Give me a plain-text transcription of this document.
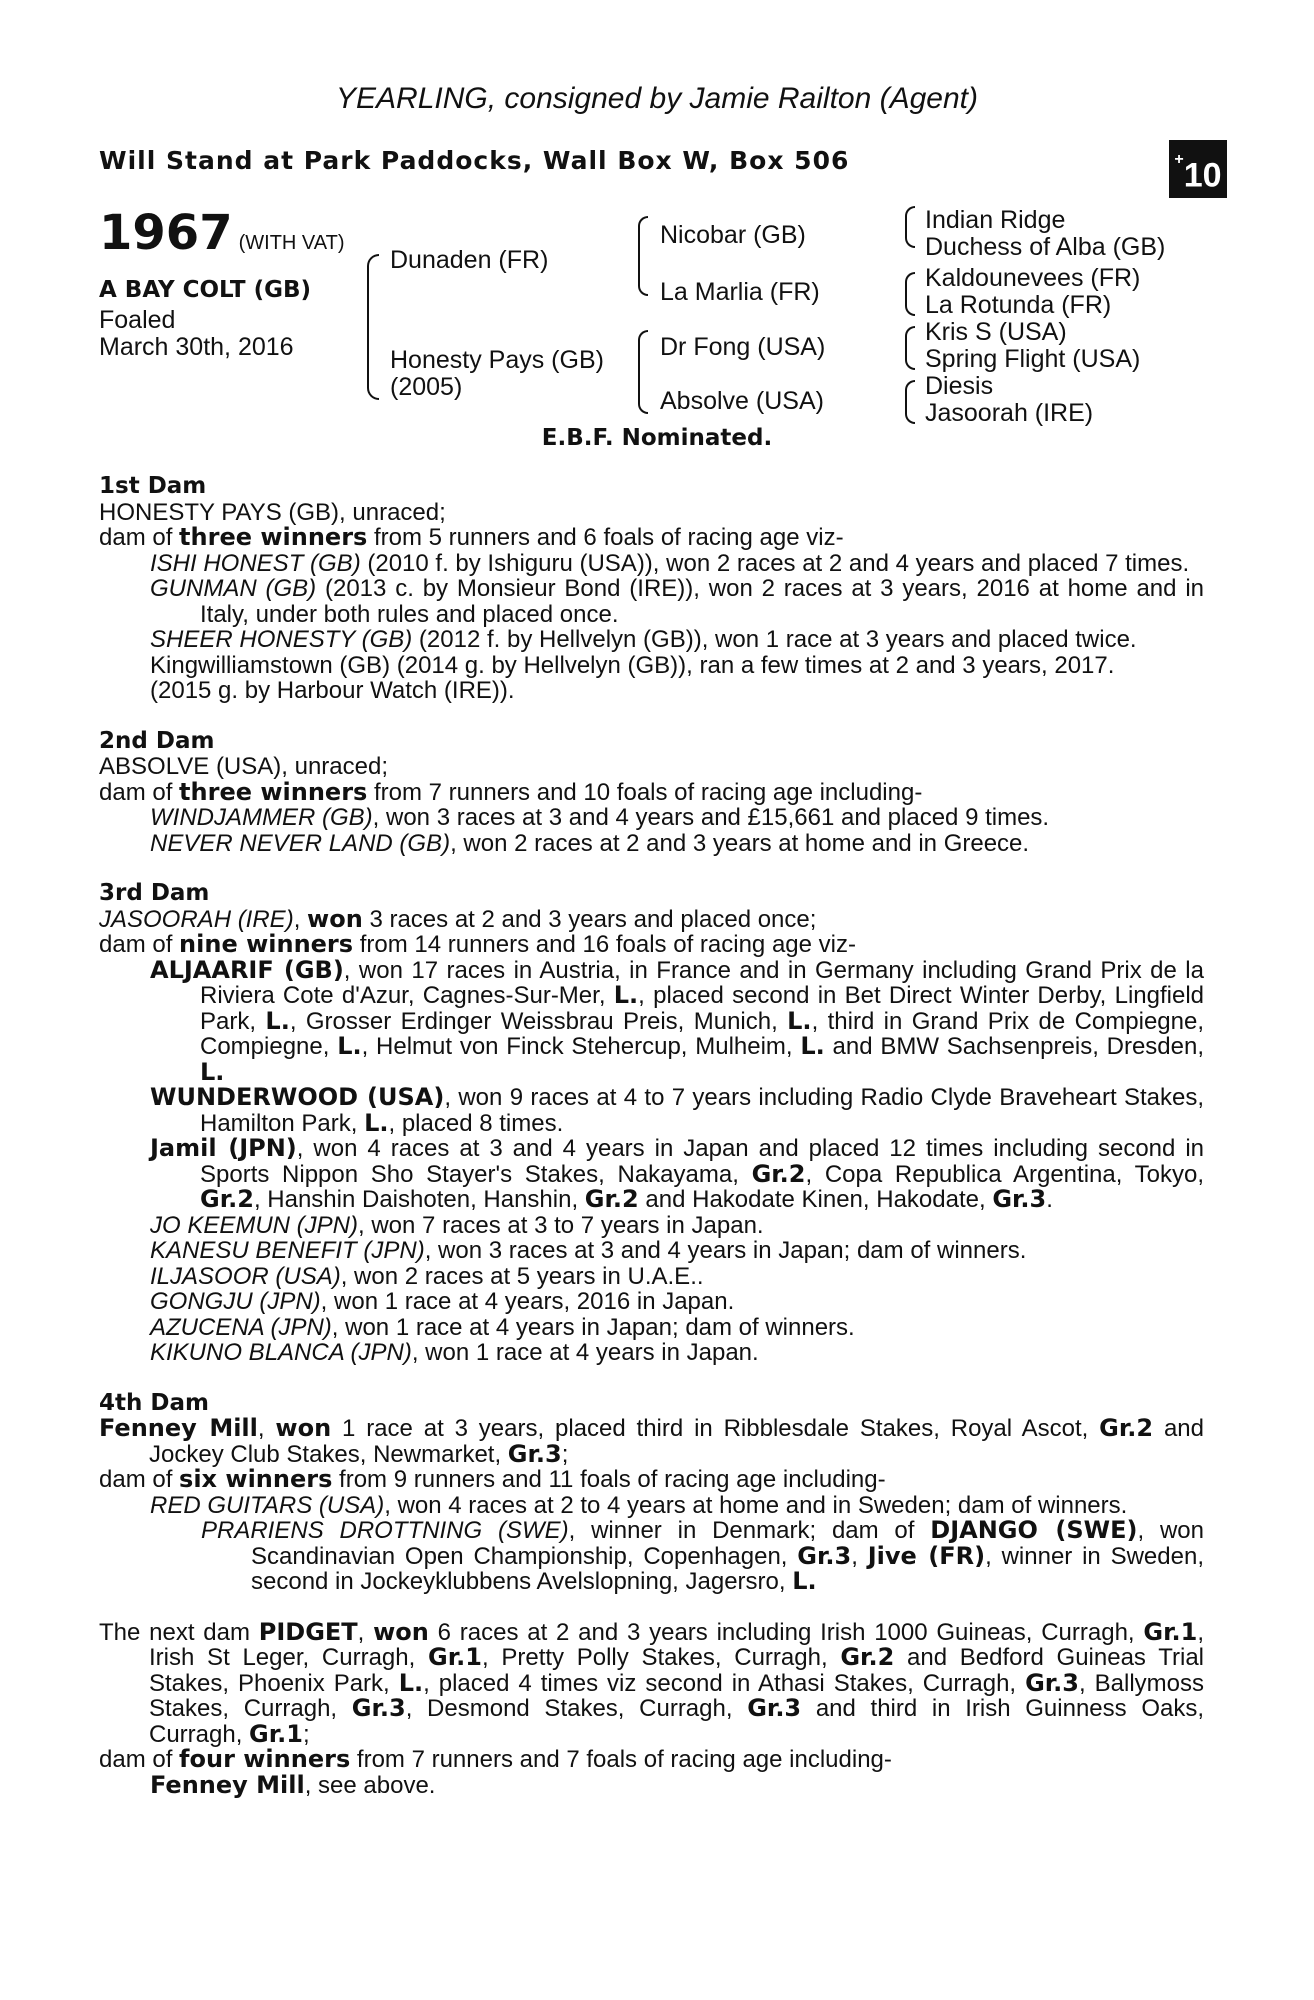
YEARLING, consigned by Jamie Railton (Agent)
Will Stand at Park Paddocks, Wall Box W, Box 506	+10
1967 (WITH VAT)
A BAY COLT (GB)
Foaled
March 30th, 2016
Dunaden (FR)
Honesty Pays (GB)
(2005)
Nicobar (GB)
La Marlia (FR)
Dr Fong (USA)
Absolve (USA)
Indian Ridge
Duchess of Alba (GB)
Kaldounevees (FR)
La Rotunda (FR)
Kris S (USA)
Spring Flight (USA)
Diesis
Jasoorah (IRE)
E.B.F. Nominated.
1st Dam
HONESTY PAYS (GB), unraced;
dam of three winners from 5 runners and 6 foals of racing age viz-
ISHI HONEST (GB) (2010 f. by Ishiguru (USA)), won 2 races at 2 and 4 years and placed 7 times.
GUNMAN (GB) (2013 c. by Monsieur Bond (IRE)), won 2 races at 3 years, 2016 at home and in Italy, under both rules and placed once.
SHEER HONESTY (GB) (2012 f. by Hellvelyn (GB)), won 1 race at 3 years and placed twice.
Kingwilliamstown (GB) (2014 g. by Hellvelyn (GB)), ran a few times at 2 and 3 years, 2017.
(2015 g. by Harbour Watch (IRE)).
2nd Dam
ABSOLVE (USA), unraced;
dam of three winners from 7 runners and 10 foals of racing age including-
WINDJAMMER (GB), won 3 races at 3 and 4 years and £15,661 and placed 9 times.
NEVER NEVER LAND (GB), won 2 races at 2 and 3 years at home and in Greece.
3rd Dam
JASOORAH (IRE), won 3 races at 2 and 3 years and placed once;
dam of nine winners from 14 runners and 16 foals of racing age viz-
ALJAARIF (GB), won 17 races in Austria, in France and in Germany including Grand Prix de la Riviera Cote d'Azur, Cagnes-Sur-Mer, L., placed second in Bet Direct Winter Derby, Lingfield Park, L., Grosser Erdinger Weissbrau Preis, Munich, L., third in Grand Prix de Compiegne, Compiegne, L., Helmut von Finck Stehercup, Mulheim, L. and BMW Sachsenpreis, Dresden, L.
WUNDERWOOD (USA), won 9 races at 4 to 7 years including Radio Clyde Braveheart Stakes, Hamilton Park, L., placed 8 times.
Jamil (JPN), won 4 races at 3 and 4 years in Japan and placed 12 times including second in Sports Nippon Sho Stayer's Stakes, Nakayama, Gr.2, Copa Republica Argentina, Tokyo, Gr.2, Hanshin Daishoten, Hanshin, Gr.2 and Hakodate Kinen, Hakodate, Gr.3.
JO KEEMUN (JPN), won 7 races at 3 to 7 years in Japan.
KANESU BENEFIT (JPN), won 3 races at 3 and 4 years in Japan; dam of winners.
ILJASOOR (USA), won 2 races at 5 years in U.A.E..
GONGJU (JPN), won 1 race at 4 years, 2016 in Japan.
AZUCENA (JPN), won 1 race at 4 years in Japan; dam of winners.
KIKUNO BLANCA (JPN), won 1 race at 4 years in Japan.
4th Dam
Fenney Mill, won 1 race at 3 years, placed third in Ribblesdale Stakes, Royal Ascot, Gr.2 and Jockey Club Stakes, Newmarket, Gr.3;
dam of six winners from 9 runners and 11 foals of racing age including-
RED GUITARS (USA), won 4 races at 2 to 4 years at home and in Sweden; dam of winners.
PRARIENS DROTTNING (SWE), winner in Denmark; dam of DJANGO (SWE), won Scandinavian Open Championship, Copenhagen, Gr.3, Jive (FR), winner in Sweden, second in Jockeyklubbens Avelslopning, Jagersro, L.
The next dam PIDGET, won 6 races at 2 and 3 years including Irish 1000 Guineas, Curragh, Gr.1, Irish St Leger, Curragh, Gr.1, Pretty Polly Stakes, Curragh, Gr.2 and Bedford Guineas Trial Stakes, Phoenix Park, L., placed 4 times viz second in Athasi Stakes, Curragh, Gr.3, Ballymoss Stakes, Curragh, Gr.3, Desmond Stakes, Curragh, Gr.3 and third in Irish Guinness Oaks, Curragh, Gr.1;
dam of four winners from 7 runners and 7 foals of racing age including-
Fenney Mill, see above.
